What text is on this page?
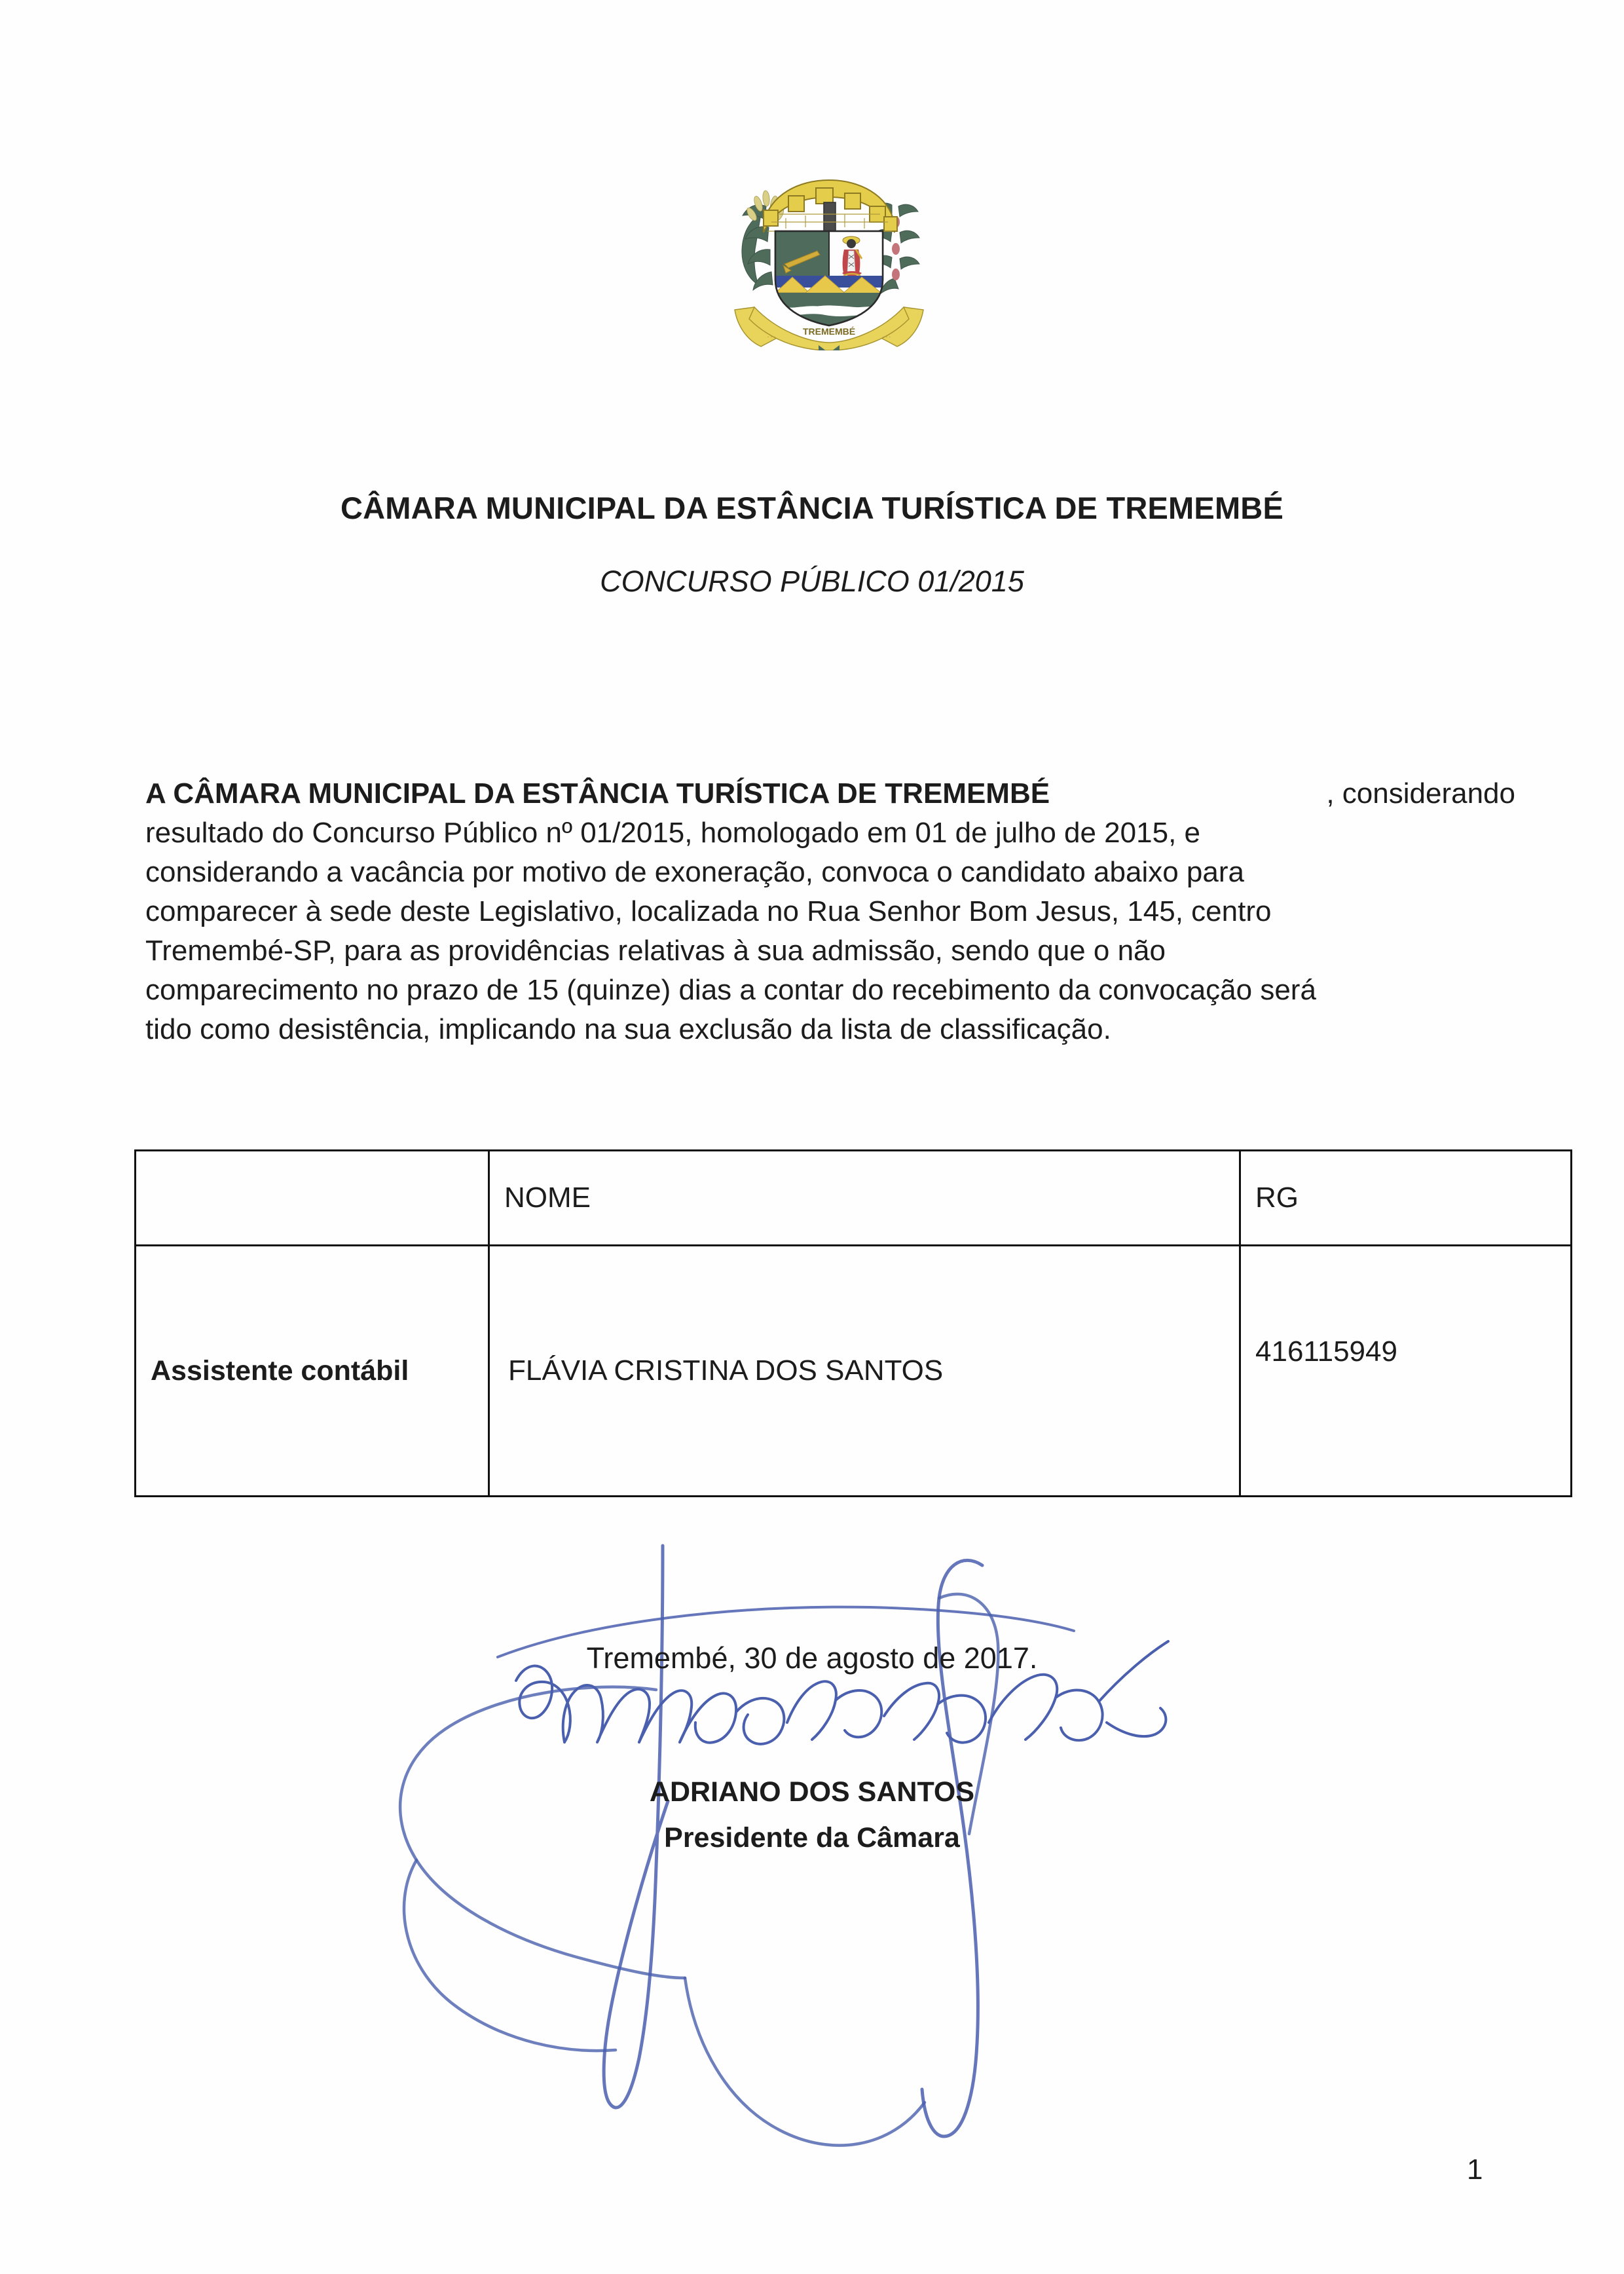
TREMEMBÉ
· · ·	· · ·
CÂMARA MUNICIPAL DA ESTÂNCIA TURÍSTICA DE TREMEMBÉ
CONCURSO PÚBLICO 01/2015
A CÂMARA MUNICIPAL DA ESTÂNCIA TURÍSTICA DE TREMEMBÉ	, considerando
resultado do Concurso Público nº 01/2015, homologado em 01 de julho de 2015, e
considerando a vacância por motivo de exoneração, convoca o candidato abaixo para
comparecer à sede deste Legislativo, localizada no Rua Senhor Bom Jesus, 145, centro
Tremembé-SP, para as providências relativas à sua admissão, sendo que o não
comparecimento no prazo de 15 (quinze) dias a contar do recebimento da convocação será
tido como desistência, implicando na sua exclusão da lista de classificação.
	NOME	RG
Assistente contábil	FLÁVIA CRISTINA DOS SANTOS	416115949
Tremembé, 30 de agosto de 2017.
ADRIANO DOS SANTOS
Presidente da Câmara
1
